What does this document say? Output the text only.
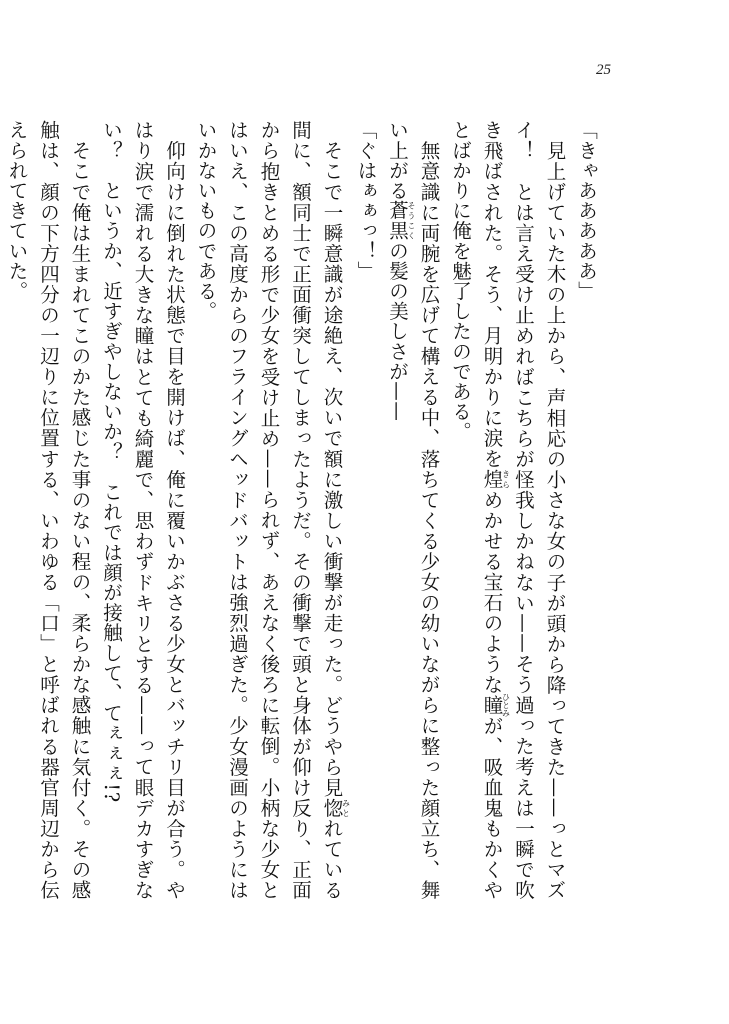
25

「きゃあああああ」

　見上げていた木の上から、声相応の小さな女の子が頭から降ってきた——っとマズイ！　とは言え受け止めればこちらが怪我しかねない——そう過った考えは一瞬で吹き飛ばされた。そう、月明かりに涙を煌きらめかせる宝石のような瞳ひとみが、吸血鬼もかくやとばかりに俺を魅了したのである。

　無意識に両腕を広げて構える中、落ちてくる少女の幼いながらに整った顔立ち、舞い上がる蒼黒そうこくの髪の美しさが——

「ぐはぁぁっ！」

　そこで一瞬意識が途絶え、次いで額に激しい衝撃が走った。どうやら見惚みとれている間に、額同士で正面衝突してしまったようだ。その衝撃で頭と身体が仰け反り、正面から抱きとめる形で少女を受け止め——られず、あえなく後ろに転倒。小柄な少女とはいえ、この高度からのフライングヘッドバットは強烈過ぎた。少女漫画のようにはいかないものである。

　仰向けに倒れた状態で目を開けば、俺に覆いかぶさる少女とバッチリ目が合う。やはり涙で濡れる大きな瞳はとても綺麗で、思わずドキリとする——って眼デカすぎない？　というか、近すぎやしないか？　これでは顔が接触して、てぇぇぇ!?

　そこで俺は生まれてこのかた感じた事のない程の、柔らかな感触に気付く。その感触は、顔の下方四分の一辺りに位置する、いわゆる「口」と呼ばれる器官周辺から伝えられてきていた。
